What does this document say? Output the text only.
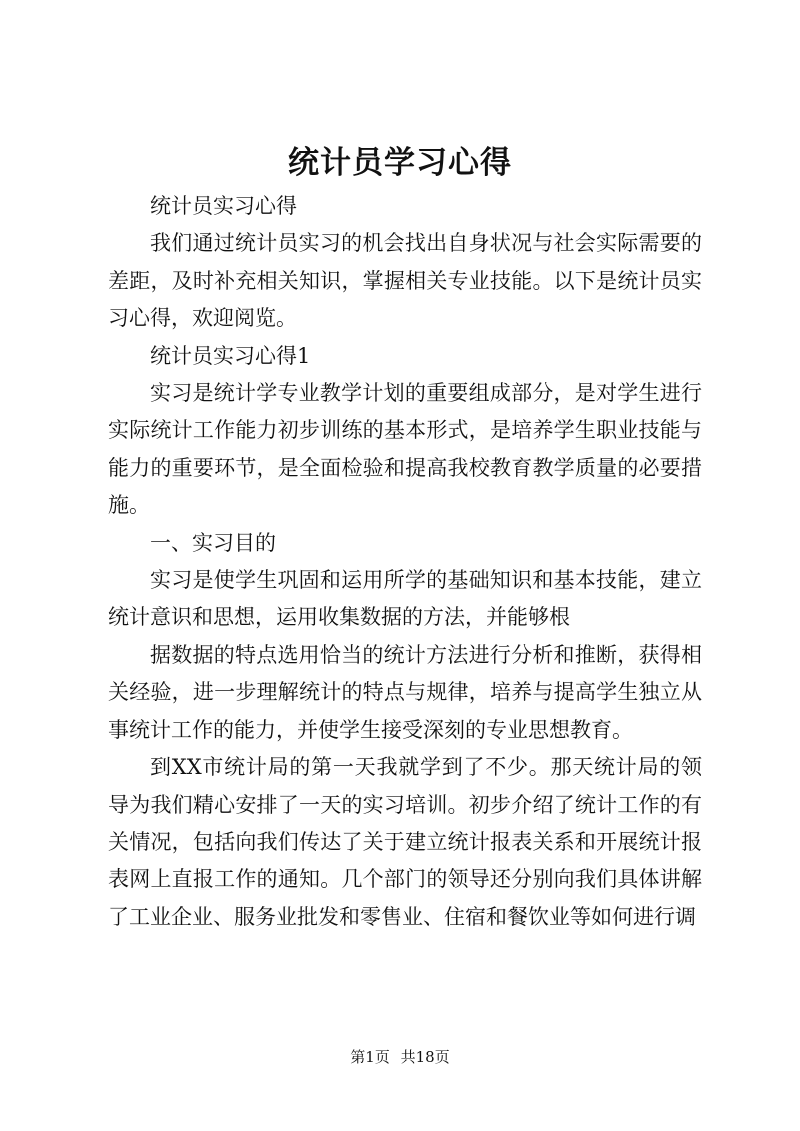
统计员学习心得

统计员实习心得

我们通过统计员实习的机会找出自身状况与社会实际需要的差距，及时补充相关知识，掌握相关专业技能。以下是统计员实习心得，欢迎阅览。

统计员实习心得1

实习是统计学专业教学计划的重要组成部分，是对学生进行实际统计工作能力初步训练的基本形式，是培养学生职业技能与能力的重要环节，是全面检验和提高我校教育教学质量的必要措施。

一、实习目的

实习是使学生巩固和运用所学的基础知识和基本技能，建立统计意识和思想，运用收集数据的方法，并能够根

据数据的特点选用恰当的统计方法进行分析和推断，获得相关经验，进一步理解统计的特点与规律，培养与提高学生独立从事统计工作的能力，并使学生接受深刻的专业思想教育。

到XX市统计局的第一天我就学到了不少。那天统计局的领导为我们精心安排了一天的实习培训。初步介绍了统计工作的有关情况，包括向我们传达了关于建立统计报表关系和开展统计报表网上直报工作的通知。几个部门的领导还分别向我们具体讲解了工业企业、服务业批发和零售业、住宿和餐饮业等如何进行调

第1页 共18页
